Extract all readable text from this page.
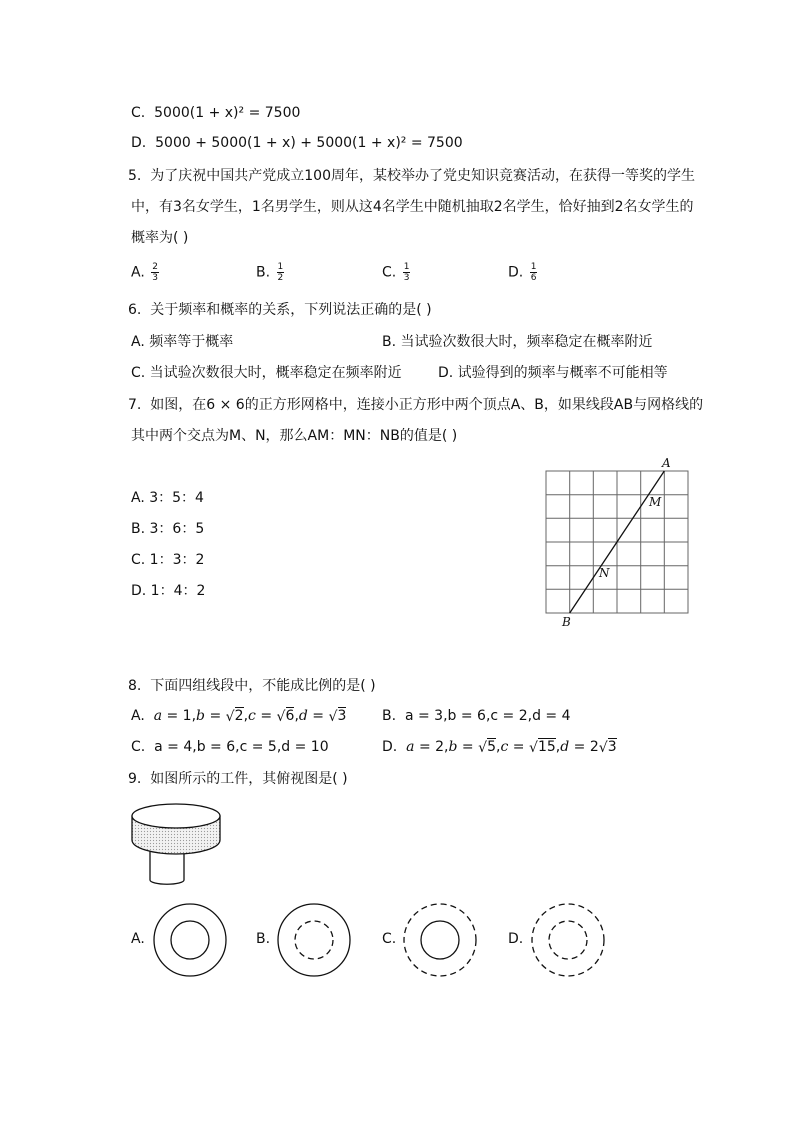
C. 5000(1 + x)² = 7500
D. 5000 + 5000(1 + x) + 5000(1 + x)² = 7500
5. 为了庆祝中国共产党成立100周年，某校举办了党史知识竞赛活动，在获得一等奖的学生
中，有3名女学生，1名男学生，则从这4名学生中随机抽取2名学生，恰好抽到2名女学生的
概率为( )
A. $\frac{2}{3}$	B. $\frac{1}{2}$	C. $\frac{1}{3}$	D. $\frac{1}{6}$
6. 关于频率和概率的关系，下列说法正确的是( )
A. 频率等于概率	B. 当试验次数很大时，频率稳定在概率附近
C. 当试验次数很大时，概率稳定在频率附近	D. 试验得到的频率与概率不可能相等
7. 如图，在6 × 6的正方形网格中，连接小正方形中两个顶点A、B，如果线段AB与网格线的
其中两个交点为M、N，那么AM：MN：NB的值是( )
A. 3：5：4
B. 3：6：5
C. 1：3：2
D. 1：4：2
A
M
N
B
8. 下面四组线段中，不能成比例的是( )
A. a = 1,b = √ 2,c = √ 6,d = √ 3	B. a = 3,b = 6,c = 2,d = 4
C. a = 4,b = 6,c = 5,d = 10	D. a = 2,b = √ 5,c = √ 15,d = 2√ 3
9. 如图所示的工件，其俯视图是( )
A.	B.	C.	D.
